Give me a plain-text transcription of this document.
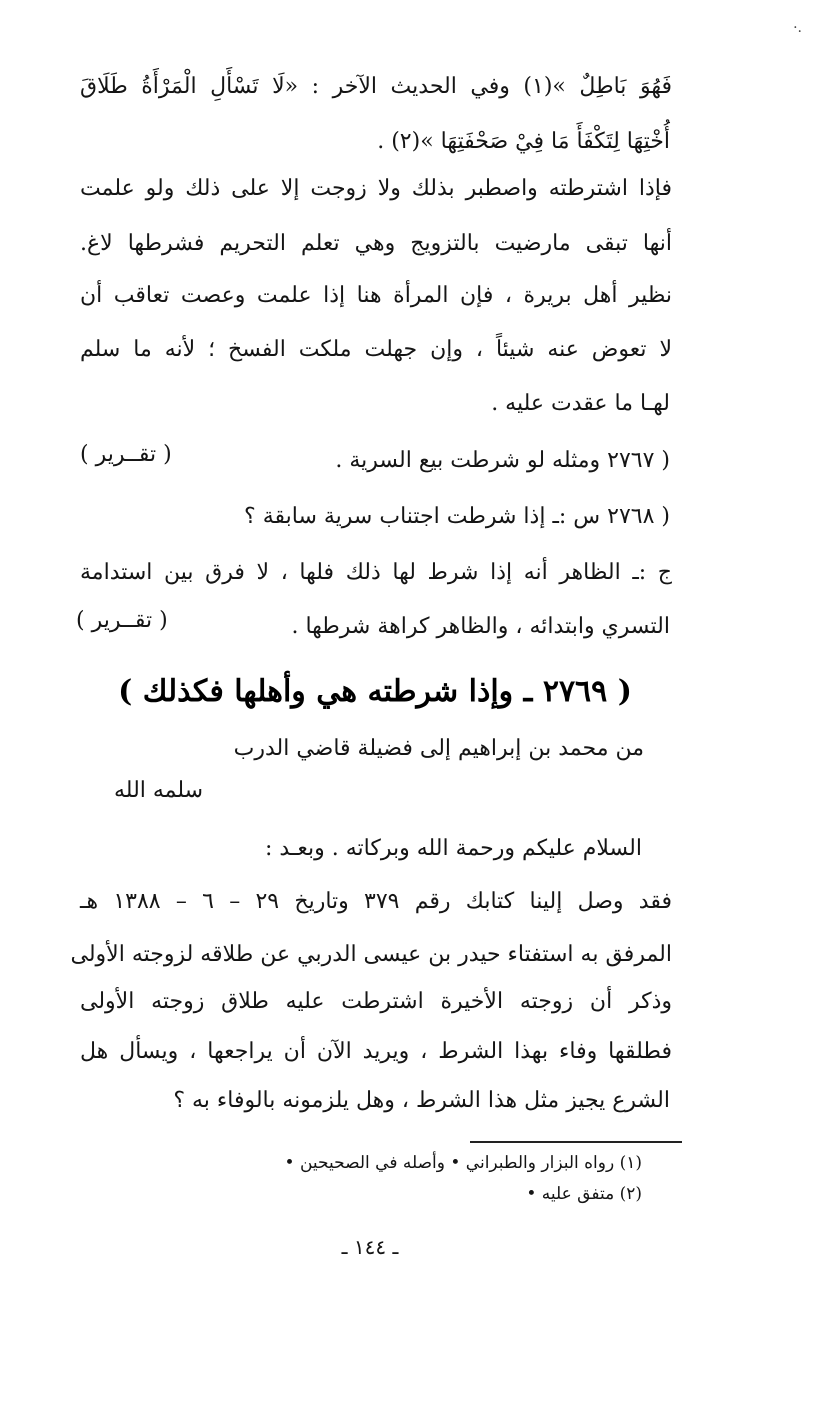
·.
فَهُوَ بَاطِلٌ »(١) وفي الحديث الآخر : «لَا تَسْأَلِ الْمَرْأَةُ طَلَاقَ
أُخْتِهَا لِتَكْفَأَ مَا فِيْ صَحْفَتِهَا »(٢) .
فإذا اشترطته واصطبر بذلك ولا زوجت إلا على ذلك ولو علمت
أنها تبقى مارضيت بالتزويج وهي تعلم التحريم فشرطها لاغ.
نظير أهل بريرة ، فإن المرأة هنا إذا علمت وعصت تعاقب أن
لا تعوض عنه شيئاً ، وإن جهلت ملكت الفسخ ؛ لأنه ما سلم
لهـا ما عقدت عليه .
( ٢٧٦٧ ومثله لو شرطت بيع السرية .
( تقــرير )
( ٢٧٦٨ س :ـ إذا شرطت اجتناب سرية سابقة ؟
ج :ـ الظاهر أنه إذا شرط لها ذلك فلها ، لا فرق بين استدامة
التسري وابتدائه ، والظاهر كراهة شرطها .
( تقــرير )
( ٢٧٦٩ ـ وإذا شرطته هي وأهلها فكذلك )
من محمد بن إبراهيم إلى فضيلة قاضي الدرب
سلمه الله
السلام عليكم ورحمة الله وبركاته . وبعـد :
فقد وصل إلينا كتابك رقم ٣٧٩ وتاريخ ٢٩ – ٦ – ١٣٨٨ هـ
المرفق به استفتاء حيدر بن عيسى الدربي عن طلاقه لزوجته الأولى
وذكر أن زوجته الأخيرة اشترطت عليه طلاق زوجته الأولى
فطلقها وفاء بهذا الشرط ، ويريد الآن أن يراجعها ، ويسأل هل
الشرع يجيز مثل هذا الشرط ، وهل يلزمونه بالوفاء به ؟
(١) رواه البزار والطبراني • وأصله في الصحيحين •
(٢) متفق عليه •
ـ ١٤٤ ـ
